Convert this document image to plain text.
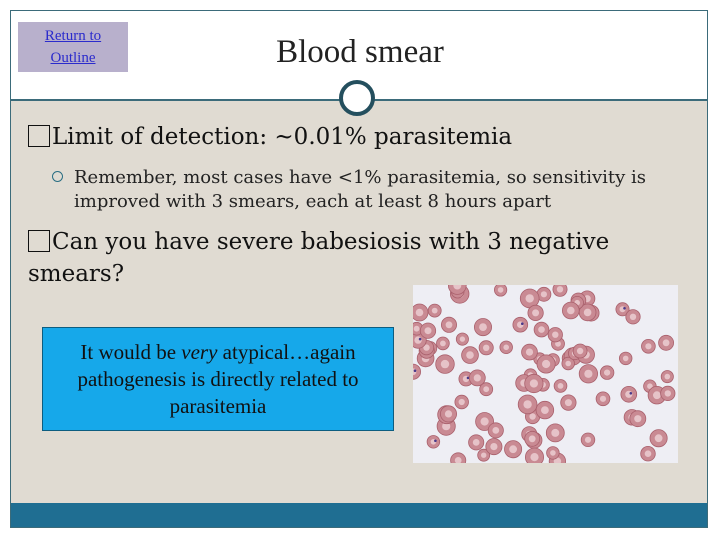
Return to
Outline	Blood smear
Limit of detection: ~0.01% parasitemia
Remember, most cases have <1% parasitemia, so sensitivity is improved with 3 smears, each at least 8 hours apart
Can you have severe babesiosis with 3 negative smears?
It would be very atypical…again pathogenesis is directly related to parasitemia
